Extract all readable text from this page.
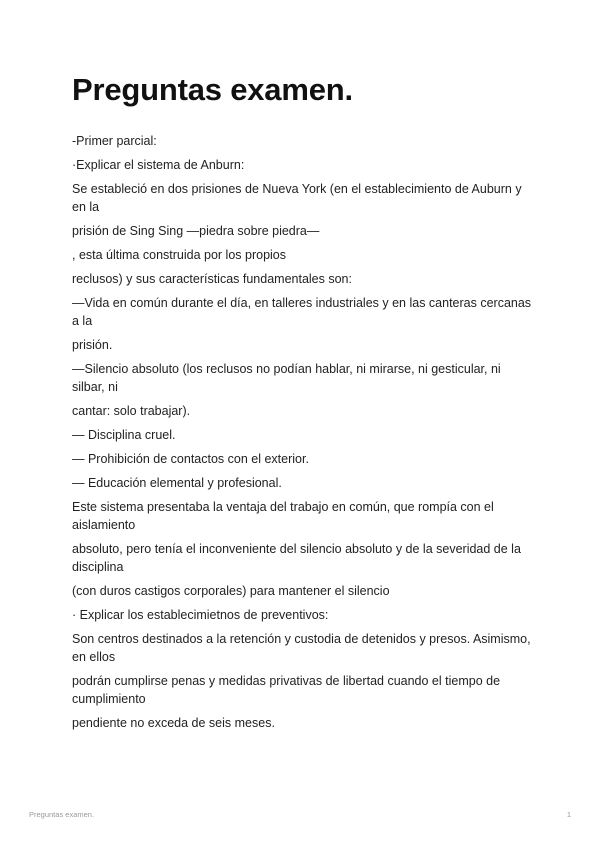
Preguntas examen.

-Primer parcial:

·Explicar el sistema de Anburn:

Se estableció en dos prisiones de Nueva York (en el establecimiento de Auburn y en la

prisión de Sing Sing —piedra sobre piedra—

, esta última construida por los propios

reclusos) y sus características fundamentales son:

—Vida en común durante el día, en talleres industriales y en las canteras cercanas a la

prisión.

—Silencio absoluto (los reclusos no podían hablar, ni mirarse, ni gesticular, ni silbar, ni

cantar: solo trabajar).

— Disciplina cruel.

— Prohibición de contactos con el exterior.

— Educación elemental y profesional.

Este sistema presentaba la ventaja del trabajo en común, que rompía con el aislamiento

absoluto, pero tenía el inconveniente del silencio absoluto y de la severidad de la disciplina

(con duros castigos corporales) para mantener el silencio

· Explicar los establecimietnos de preventivos:

Son centros destinados a la retención y custodia de detenidos y presos. Asimismo, en ellos

podrán cumplirse penas y medidas privativas de libertad cuando el tiempo de cumplimiento

pendiente no exceda de seis meses.

Preguntas examen.	1
